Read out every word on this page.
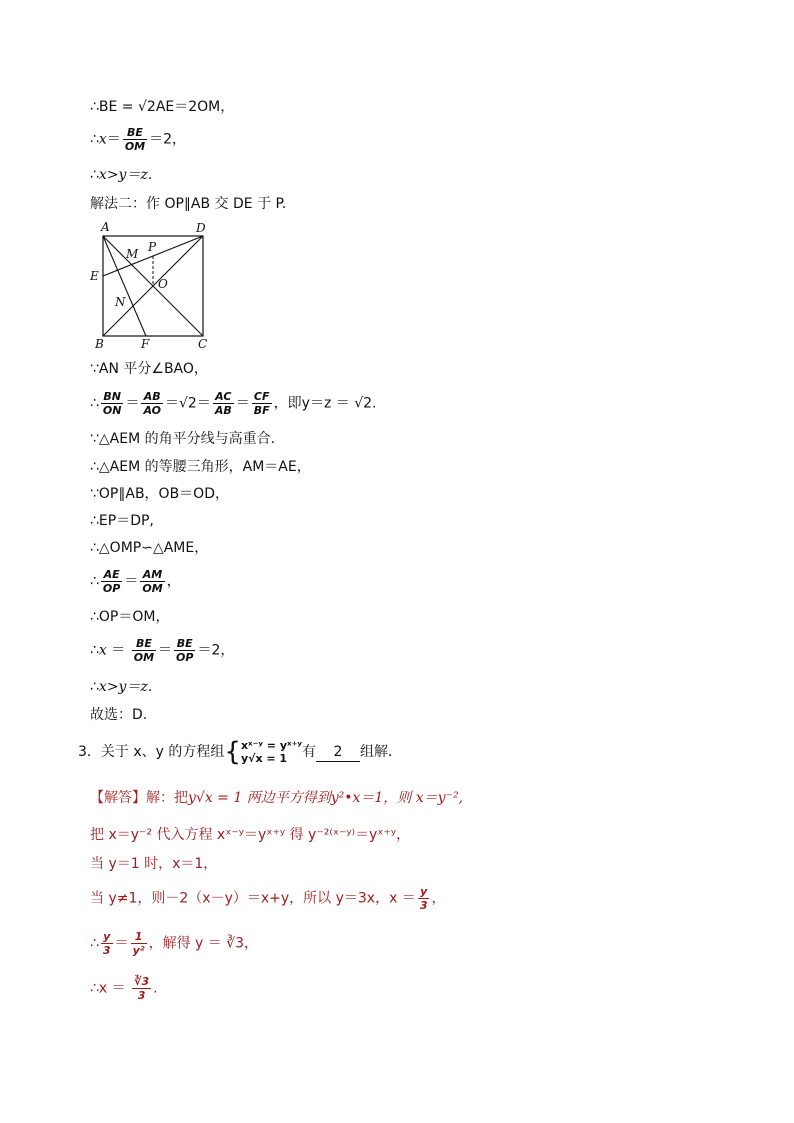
∴BE = √2AE＝2OM，
∴x＝ $\frac{BE}{OM} =2$，
∴x>y＝z.
解法二：作 OP∥AB 交 DE 于 P.
A	D
B	C
E
F
M
N
O
P
∵AN 平分∠BAO，
∴ $\frac{BN}{ON} = \frac{AB}{AO} =√2= \frac{AC}{AB} = \frac{CF}{BF}$ ，即y＝z ＝ √2.
∵△AEM 的角平分线与高重合.
∴△AEM 的等腰三角形，AM＝AE，
∵OP∥AB，OB＝OD，
∴EP＝DP,
∴△OMP∽△AME，
∴ $\frac{AE}{OP} = \frac{AM}{OM}$ ，
∴OP＝OM，
∴x ＝ $\frac{BE}{OM} = \frac{BE}{OP} =2$，
∴x>y＝z.
故选：D.
3．关于 x、y 的方程组{ xˣ⁻ʸ = yˣ⁺ʸ
y√x = 1	有 2 组解．
【解答】解：把y√x = 1 两边平方得到y²•x＝1，则 x＝y⁻²,
把 x＝y⁻² 代入方程 xˣ⁻ʸ＝yˣ⁺ʸ 得 y⁻²⁽ˣ⁻ʸ⁾＝yˣ⁺ʸ，
当 y＝1 时，x＝1，
当 y≠1，则－2（x－y）＝x+y，所以 y＝3x，$x = \frac{y}{3}$ ，
∴ $\frac{y}{3} = \frac{1}{\text{y²}}$ ，解得 y ＝ ∛3，
∴x ＝ $\frac{∛3}{3}$ .
